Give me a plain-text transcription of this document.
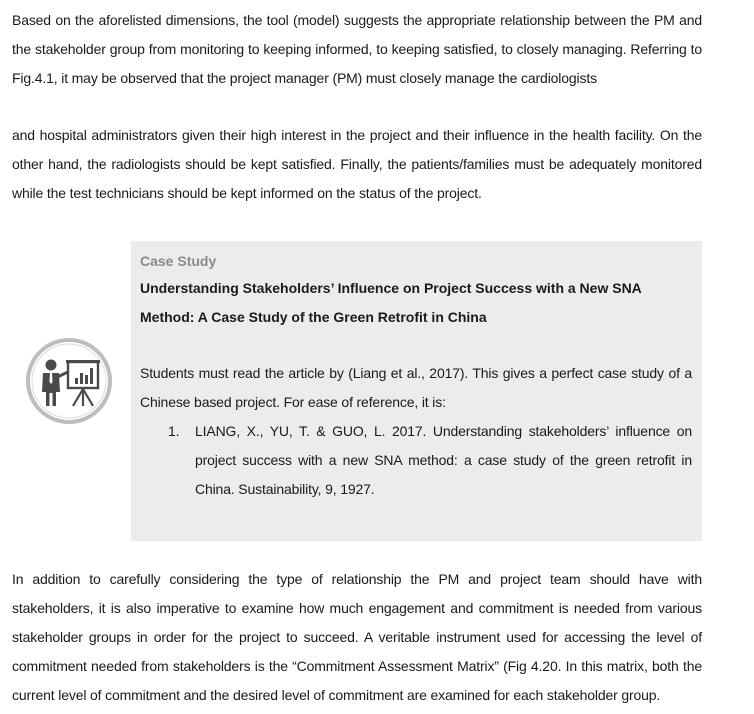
Based on the aforelisted dimensions, the tool (model) suggests the appropriate relationship between the PM and the stakeholder group from monitoring to keeping informed, to keeping satisfied, to closely managing. Referring to Fig.4.1, it may be observed that the project manager (PM) must closely manage the cardiologists

and hospital administrators given their high interest in the project and their influence in the health facility. On the other hand, the radiologists should be kept satisfied. Finally, the patients/families must be adequately monitored while the test technicians should be kept informed on the status of the project.

Case Study

Understanding Stakeholders’ Influence on Project Success with a New SNA Method: A Case Study of the Green Retrofit in China

Students must read the article by (Liang et al., 2017). This gives a perfect case study of a Chinese based project. For ease of reference, it is:

1. LIANG, X., YU, T. & GUO, L. 2017. Understanding stakeholders’ influence on project success with a new SNA method: a case study of the green retrofit in China. Sustainability, 9, 1927.

In addition to carefully considering the type of relationship the PM and project team should have with stakeholders, it is also imperative to examine how much engagement and commitment is needed from various stakeholder groups in order for the project to succeed. A veritable instrument used for accessing the level of commitment needed from stakeholders is the “Commitment Assessment Matrix” (Fig 4.20. In this matrix, both the current level of commitment and the desired level of commitment are examined for each stakeholder group.
